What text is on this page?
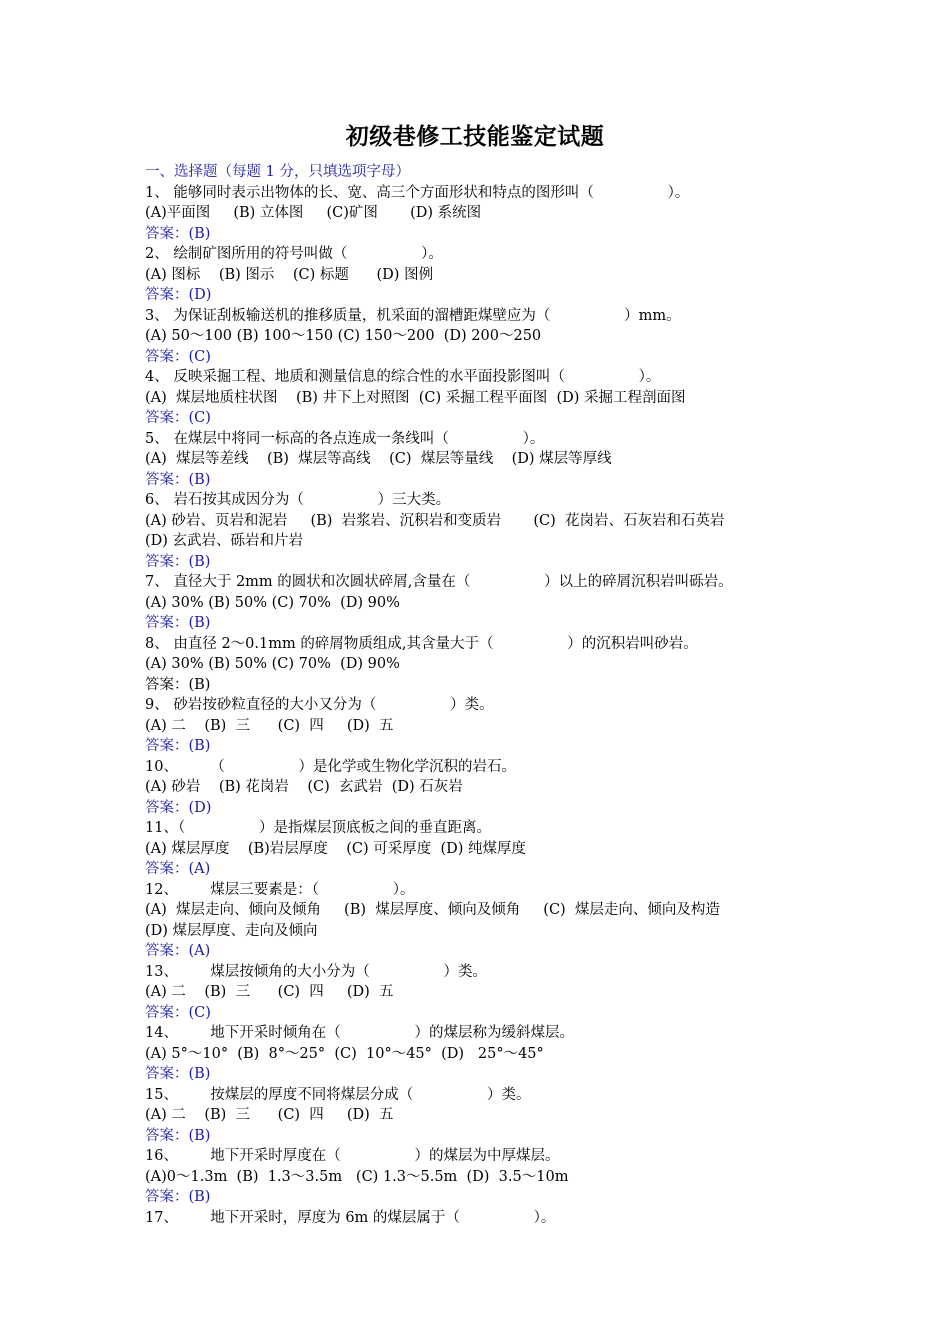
初级巷修工技能鉴定试题
一、选择题（每题 1 分，只填选项字母）
1、 能够同时表示出物体的长、宽、高三个方面形状和特点的图形叫（                ）。
(A)平面图     (B) 立体图     (C)矿图       (D) 系统图
答案：(B)
2、 绘制矿图所用的符号叫做（                ）。
(A) 图标    (B) 图示    (C) 标题      (D) 图例
答案：(D)
3、 为保证刮板输送机的推移质量，机采面的溜槽距煤壁应为（                ）mm。
(A) 50～100 (B) 100～150 (C) 150～200  (D) 200～250
答案：(C)
4、 反映采掘工程、地质和测量信息的综合性的水平面投影图叫（                ）。
(A)  煤层地质柱状图    (B) 井下上对照图  (C) 采掘工程平面图  (D) 采掘工程剖面图
答案：(C)
5、 在煤层中将同一标高的各点连成一条线叫（                ）。
(A)  煤层等差线    (B)  煤层等高线    (C)  煤层等量线    (D) 煤层等厚线
答案：(B)
6、 岩石按其成因分为（                ）三大类。
(A) 砂岩、页岩和泥岩     (B)  岩浆岩、沉积岩和变质岩       (C)  花岗岩、石灰岩和石英岩
(D) 玄武岩、砾岩和片岩
答案：(B)
7、 直径大于 2mm 的圆状和次圆状碎屑,含量在（                ）以上的碎屑沉积岩叫砾岩。
(A) 30% (B) 50% (C) 70%  (D) 90%
答案：(B)
8、 由直径 2～0.1mm 的碎屑物质组成,其含量大于（                ）的沉积岩叫砂岩。
(A) 30% (B) 50% (C) 70%  (D) 90%
答案：(B)
9、 砂岩按砂粒直径的大小又分为（                ）类。
(A) 二    (B)  三      (C)  四     (D)  五
答案：(B)
10、       （                ）是化学或生物化学沉积的岩石。
(A) 砂岩    (B) 花岗岩    (C)  玄武岩  (D) 石灰岩
答案：(D)
11、（                ）是指煤层顶底板之间的垂直距离。
(A) 煤层厚度    (B)岩层厚度    (C) 可采厚度  (D) 纯煤厚度
答案：(A)
12、       煤层三要素是：（                ）。
(A)  煤层走向、倾向及倾角     (B)  煤层厚度、倾向及倾角     (C)  煤层走向、倾向及构造
(D) 煤层厚度、走向及倾向
答案：(A)
13、       煤层按倾角的大小分为（                ）类。
(A) 二    (B)  三      (C)  四     (D)  五
答案：(C)
14、       地下开采时倾角在（                ）的煤层称为缓斜煤层。
(A) 5°～10°  (B)  8°～25°  (C)  10°～45°  (D)   25°～45°
答案：(B)
15、       按煤层的厚度不同将煤层分成（                ）类。
(A) 二    (B)  三      (C)  四     (D)  五
答案：(B)
16、       地下开采时厚度在（                ）的煤层为中厚煤层。
(A)0～1.3m  (B)  1.3～3.5m   (C) 1.3～5.5m  (D)  3.5～10m
答案：(B)
17、       地下开采时，厚度为 6m 的煤层属于（                ）。
